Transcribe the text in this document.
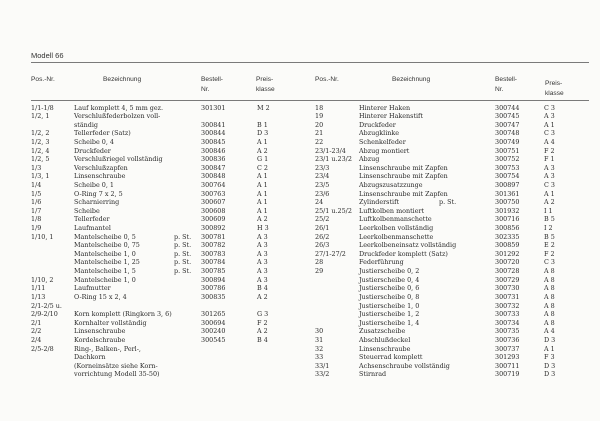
Modell 66
Pos.-Nr.	Bezeichnung	Bestell-
Nr.
Preis-
klasse
Pos.-Nr.	Bezeichnung	Bestell-
Nr.
Preis-
klasse
1/1-1/8	Lauf komplett 4, 5 mm gez.	301301	M 2
1/2, 1	Verschlußfederbolzen voll-
ständig	300841	B 1
1/2, 2	Tellerfeder (Satz)	300844	D 3
1/2, 3	Scheibe 0, 4	300845	A 1
1/2, 4	Druckfeder	300846	A 2
1/2, 5	Verschlußriegel vollständig	300836	G 1
1/3	Verschlußzapfen	300847	C 2
1/3, 1	Linsenschraube	300848	A 1
1/4	Scheibe 0, 1	300764	A 1
1/5	O-Ring 7 x 2, 5	300763	A 1
1/6	Scharnierring	300607	A 1
1/7	Scheibe	300608	A 1
1/8	Tellerfeder	300609	A 2
1/9	Laufmantel	300892	H 3
1/10, 1	Mantelscheibe 0, 5	p. St. 300781	A 3
Mantelscheibe 0, 75	p. St. 300782	A 3
Mantelscheibe 1, 0	p. St. 300783	A 3
Mantelscheibe 1, 25	p. St. 300784	A 3
Mantelscheibe 1, 5	p. St. 300785	A 3
1/10, 2	Mantelscheibe 1, 0	300894	A 3
1/11	Laufmutter	300786	B 4
1/13	O-Ring 15 x 2, 4	300835	A 2
2/1-2/5 u.
2/9-2/10	Korn komplett (Ringkorn 3, 6)	301265	G 3
2/1	Kornhalter vollständig	300694	F 2
2/2	Linsenschraube	300240	A 2
2/4	Kordelschraube	300545	B 4
2/5-2/8	Ring-, Balken-, Perl-,
Dachkorn
(Korneinsätze siehe Korn-
vorrichtung Modell 35-50)
18	Hinterer Haken	300744	C 3
19	Hinterer Hakenstift	300745	A 3
20	Druckfeder	300747	A 1
21	Abzugklinke	300748	C 3
22	Schenkelfeder	300749	A 4
23/1-23/4 Abzug montiert	300751	F 2
23/1 u.23/2 Abzug	300752	F 1
23/3	Linsenschraube mit Zapfen	300753	A 3
23/4	Linsenschraube mit Zapfen	300754	A 3
23/5	Abzugszusatzzunge	300897	C 3
23/6	Linsenschraube mit Zapfen	301361	A 1
24	Zylinderstift	p. St.	300750	A 2
25/1 u.25/2 Luftkolben montiert	301932	I 1
25/2	Luftkolbenmanschette	300716	B 5
26/1	Leerkolben vollständig	300856	I 2
26/2	Leerkolbenmanschette	302335	B 5
26/3	Leerkolbeneinsatz vollständig	300859	E 2
27/1-27/2 Druckfeder komplett (Satz)	301292	F 2
28	Federführung	300720	C 3
29	Justierscheibe 0, 2	300728	A 8
Justierscheibe 0, 4	300729	A 8
Justierscheibe 0, 6	300730	A 8
Justierscheibe 0, 8	300731	A 8
Justierscheibe 1, 0	300732	A 8
Justierscheibe 1, 2	300733	A 8
Justierscheibe 1, 4	300734	A 8
30	Zusatzscheibe	300735	A 4
31	Abschlußdeckel	300736	D 3
32	Linsenschraube	300737	A 1
33	Steuerrad komplett	301293	F 3
33/1	Achsenschraube vollständig	300711	D 3
33/2	Stirnrad	300719	D 3
